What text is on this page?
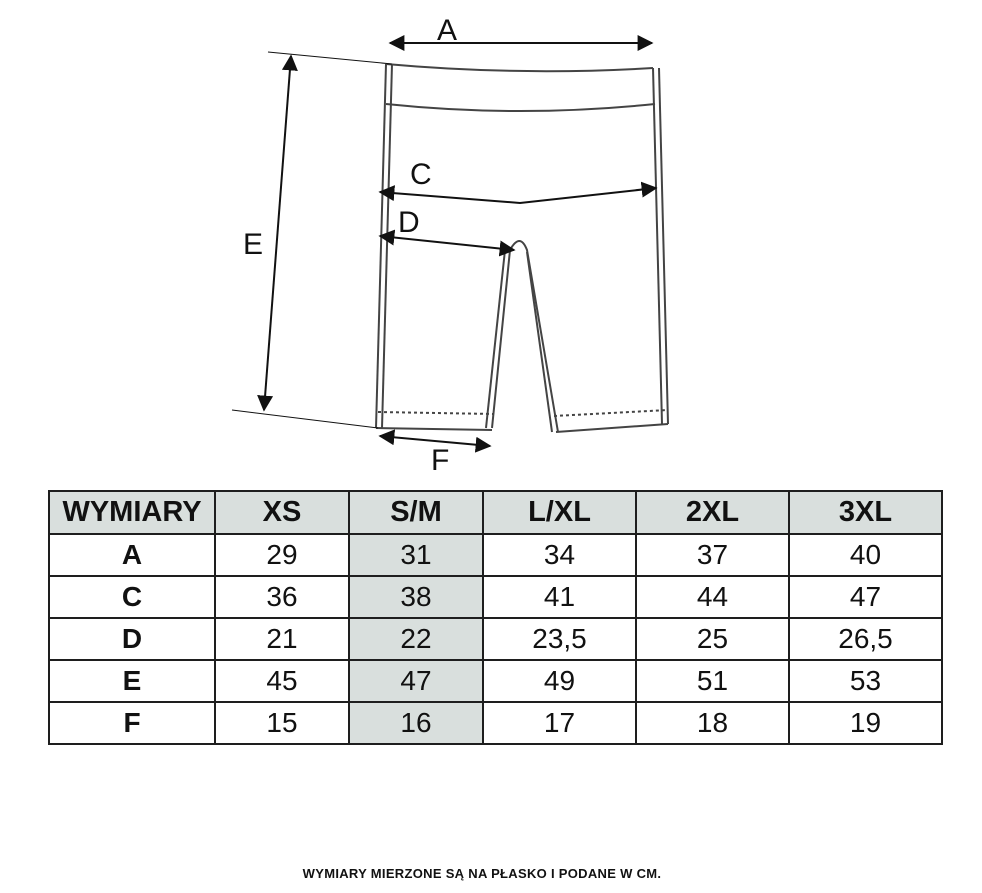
A
C
D
E
F
WYMIARY	XS	S/M	L/XL	2XL	3XL
A	29	31	34	37	40
C	36	38	41	44	47
D	21	22	23,5	25	26,5
E	45	47	49	51	53
F	15	16	17	18	19
WYMIARY MIERZONE SĄ NA PŁASKO I PODANE W CM.
